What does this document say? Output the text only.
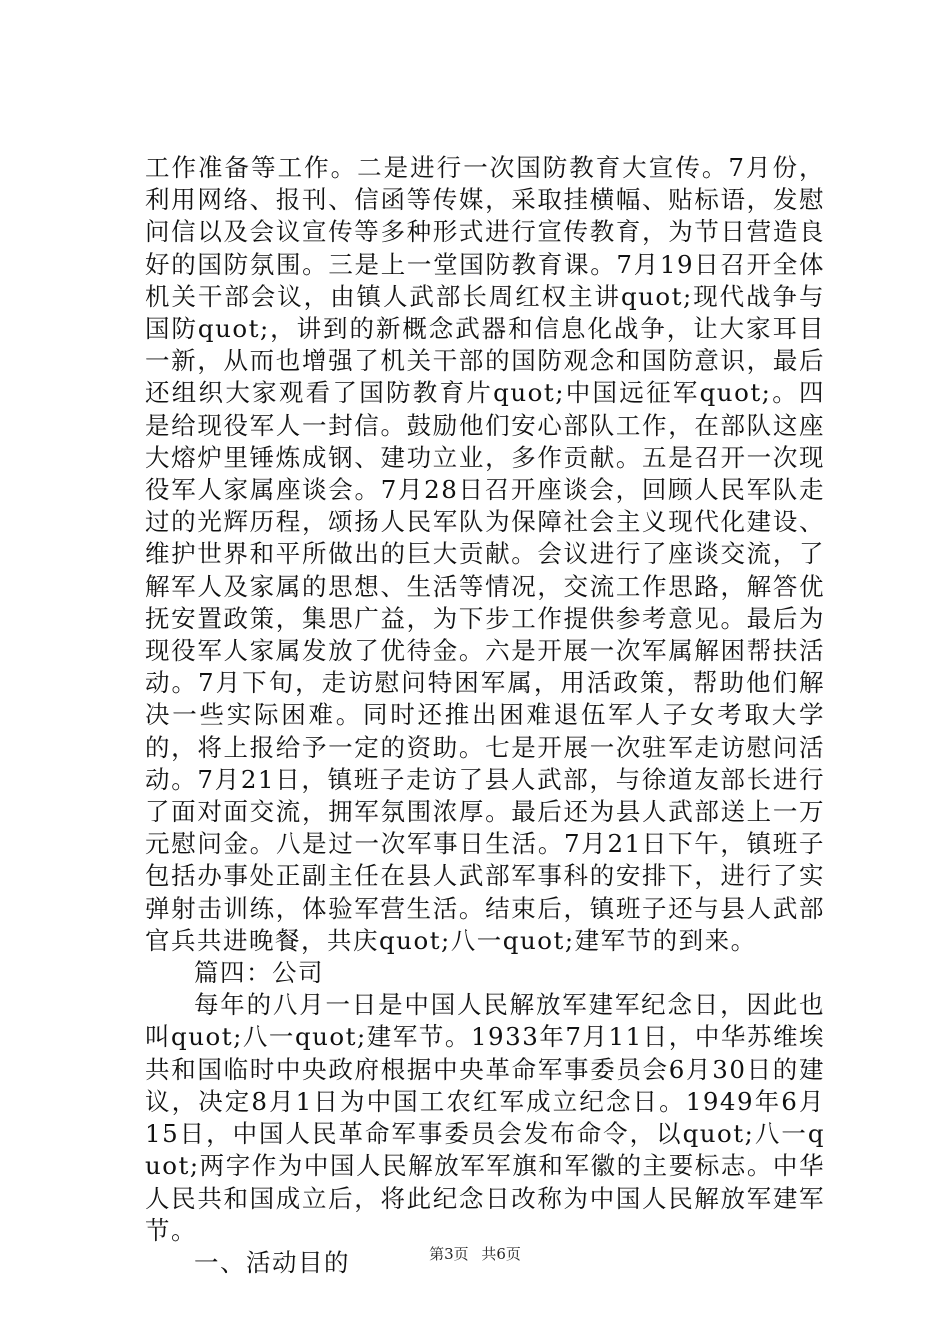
工作准备等工作。二是进行一次国防教育大宣传。7月份，利用网络、报刊、信函等传媒，采取挂横幅、贴标语，发慰问信以及会议宣传等多种形式进行宣传教育，为节日营造良好的国防氛围。三是上一堂国防教育课。7月19日召开全体机关干部会议，由镇人武部长周红权主讲quot;现代战争与国防quot;，讲到的新概念武器和信息化战争，让大家耳目一新，从而也增强了机关干部的国防观念和国防意识，最后还组织大家观看了国防教育片quot;中国远征军quot;。四是给现役军人一封信。鼓励他们安心部队工作，在部队这座大熔炉里锤炼成钢、建功立业，多作贡献。五是召开一次现役军人家属座谈会。7月28日召开座谈会，回顾人民军队走过的光辉历程，颂扬人民军队为保障社会主义现代化建设、维护世界和平所做出的巨大贡献。会议进行了座谈交流，了解军人及家属的思想、生活等情况，交流工作思路，解答优抚安置政策，集思广益，为下步工作提供参考意见。最后为现役军人家属发放了优待金。六是开展一次军属解困帮扶活动。7月下旬，走访慰问特困军属，用活政策，帮助他们解决一些实际困难。同时还推出困难退伍军人子女考取大学的，将上报给予一定的资助。七是开展一次驻军走访慰问活动。7月21日，镇班子走访了县人武部，与徐道友部长进行了面对面交流，拥军氛围浓厚。最后还为县人武部送上一万元慰问金。八是过一次军事日生活。7月21日下午，镇班子包括办事处正副主任在县人武部军事科的安排下，进行了实弹射击训练，体验军营生活。结束后，镇班子还与县人武部官兵共进晚餐，共庆quot;八一quot;建军节的到来。

篇四：公司

每年的八月一日是中国人民解放军建军纪念日，因此也叫quot;八一quot;建军节。1933年7月11日，中华苏维埃共和国临时中央政府根据中央革命军事委员会6月30日的建议，决定8月1日为中国工农红军成立纪念日。1949年6月15日，中国人民革命军事委员会发布命令，以quot;八一quot;两字作为中国人民解放军军旗和军徽的主要标志。中华人民共和国成立后，将此纪念日改称为中国人民解放军建军节。

一、活动目的	第3页 共6页
